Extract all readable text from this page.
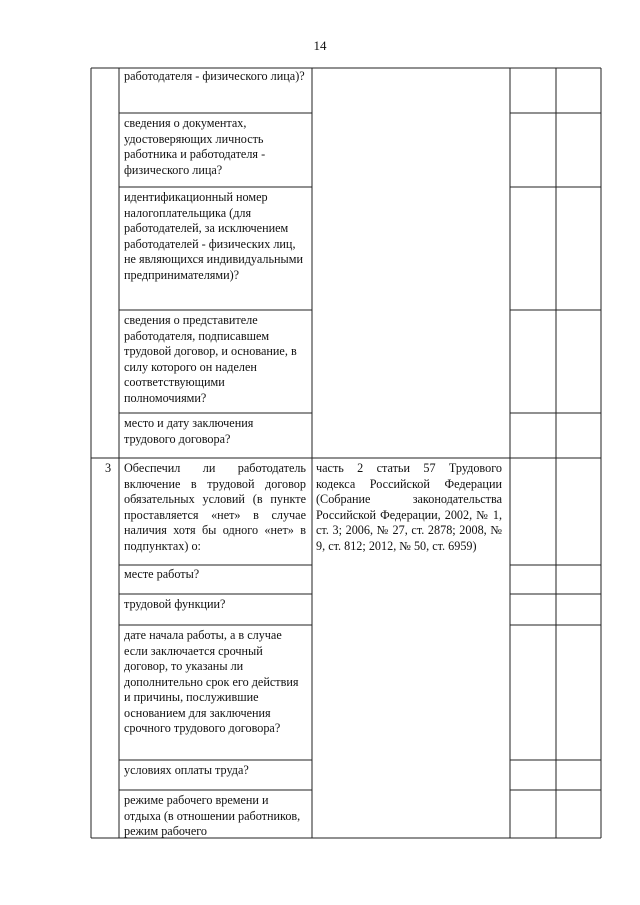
14
работодателя - физического лица)?
сведения о документах, удостоверяющих личность работника и работодателя - физического лица?
идентификационный номер налогоплательщика (для работодателей, за исключением работодателей - физических лиц, не являющихся индивидуальными предпринимателями)?
сведения о представителе работодателя, подписавшем трудовой договор, и основание, в силу которого он наделен соответствующими полномочиями?
место и дату заключения трудового договора?
3	Обеспечил ли работодатель включение в трудовой договор обязательных условий (в пункте проставляется «нет» в случае наличия хотя бы одного «нет» в подпунктах) о:
часть 2 статьи 57 Трудового кодекса Российской Федерации (Собрание законодательства Российской Федерации, 2002, № 1, ст. 3; 2006, № 27, ст. 2878; 2008, № 9, ст. 812; 2012, № 50, ст. 6959)
месте работы?
трудовой функции?
дате начала работы, а в случае если заключается срочный договор, то указаны ли дополнительно срок его действия и причины, послужившие основанием для заключения срочного трудового договора?
условиях оплаты труда?
режиме рабочего времени и отдыха (в отношении работников, режим рабочего
